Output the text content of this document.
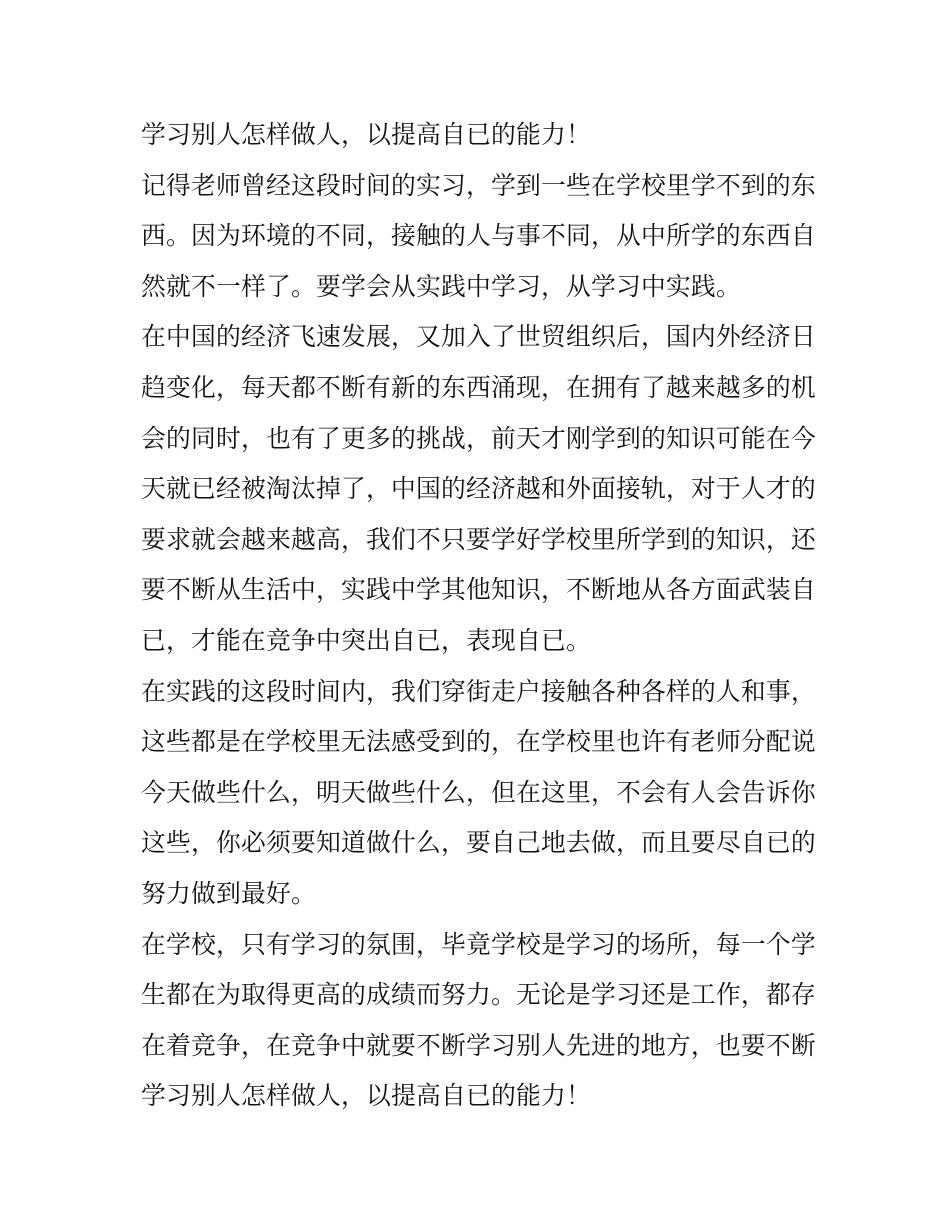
学习别人怎样做人，以提高自已的能力！
记得老师曾经这段时间的实习，学到一些在学校里学不到的东
西。因为环境的不同，接触的人与事不同，从中所学的东西自
然就不一样了。要学会从实践中学习，从学习中实践。
在中国的经济飞速发展，又加入了世贸组织后，国内外经济日
趋变化，每天都不断有新的东西涌现，在拥有了越来越多的机
会的同时，也有了更多的挑战，前天才刚学到的知识可能在今
天就已经被淘汰掉了，中国的经济越和外面接轨，对于人才的
要求就会越来越高，我们不只要学好学校里所学到的知识，还
要不断从生活中，实践中学其他知识，不断地从各方面武装自
已，才能在竞争中突出自已，表现自已。
在实践的这段时间内，我们穿街走户接触各种各样的人和事，
这些都是在学校里无法感受到的，在学校里也许有老师分配说
今天做些什么，明天做些什么，但在这里，不会有人会告诉你
这些，你必须要知道做什么，要自己地去做，而且要尽自已的
努力做到最好。
在学校，只有学习的氛围，毕竟学校是学习的场所，每一个学
生都在为取得更高的成绩而努力。无论是学习还是工作，都存
在着竞争，在竞争中就要不断学习别人先进的地方，也要不断
学习别人怎样做人，以提高自已的能力！
